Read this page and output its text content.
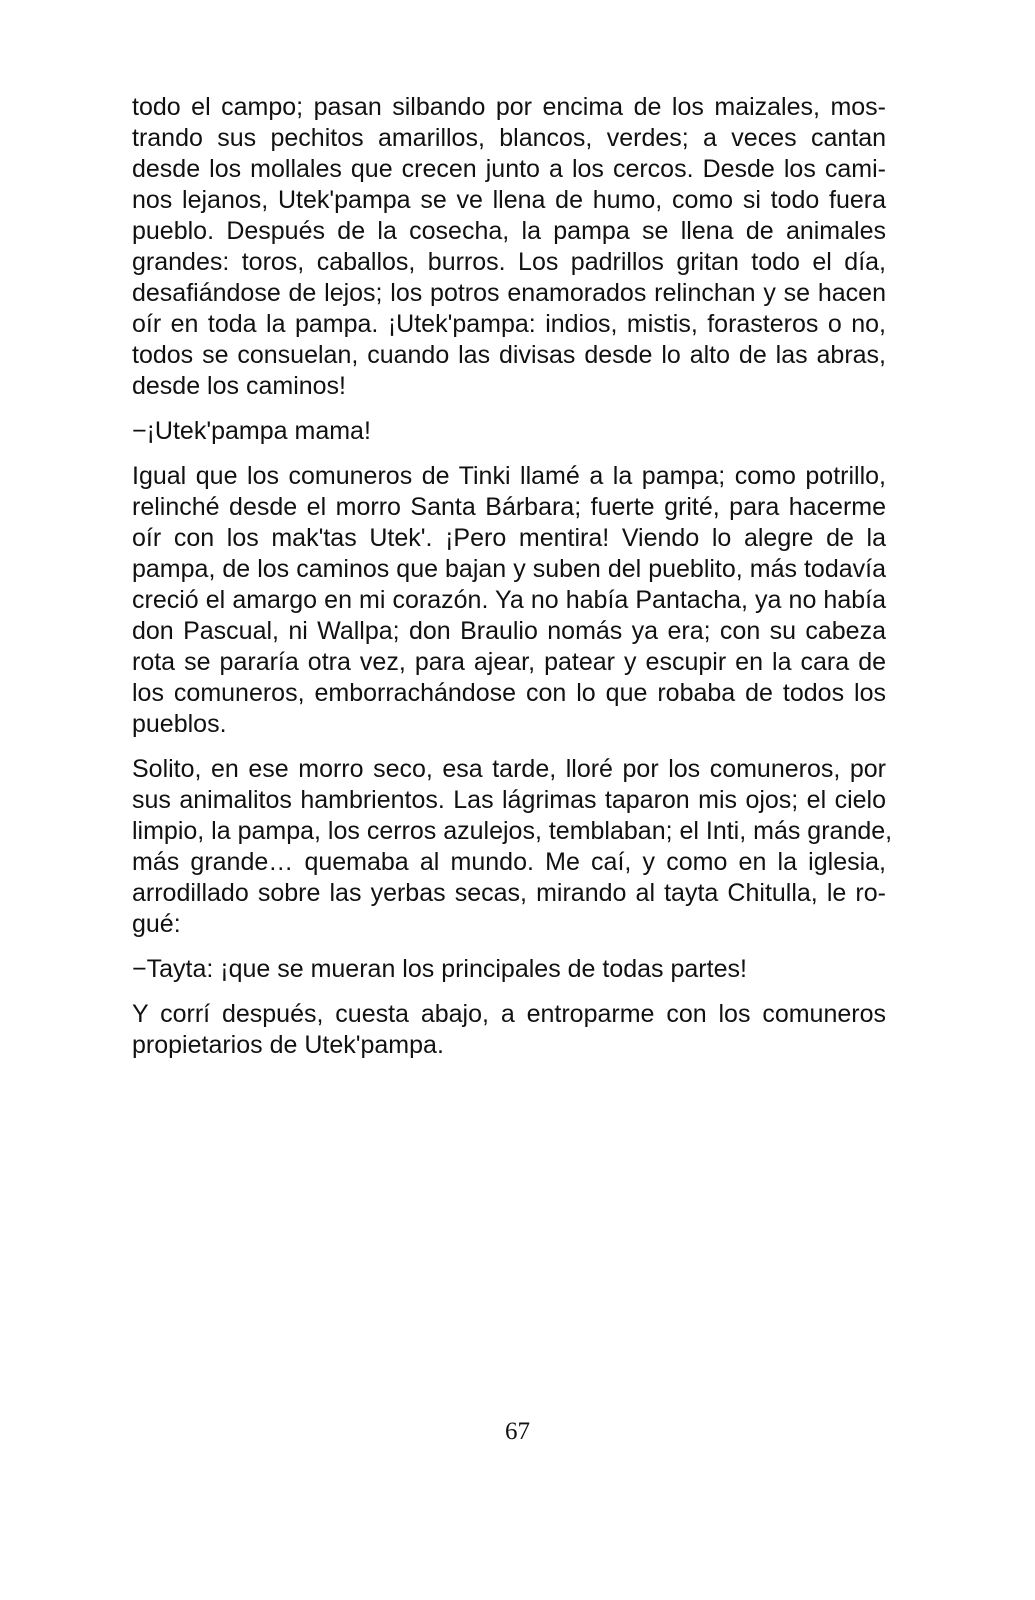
todo el campo; pasan silbando por encima de los maizales, mos-
trando sus pechitos amarillos, blancos, verdes; a veces cantan
desde los mollales que crecen junto a los cercos. Desde los cami-
nos lejanos, Utek'pampa se ve llena de humo, como si todo fuera
pueblo. Después de la cosecha, la pampa se llena de animales
grandes: toros, caballos, burros. Los padrillos gritan todo el día,
desafiándose de lejos; los potros enamorados relinchan y se hacen
oír en toda la pampa. ¡Utek'pampa: indios, mistis, forasteros o no,
todos se consuelan, cuando las divisas desde lo alto de las abras,
desde los caminos!

−¡Utek'pampa mama!

Igual que los comuneros de Tinki llamé a la pampa; como potrillo,
relinché desde el morro Santa Bárbara; fuerte grité, para hacerme
oír con los mak'tas Utek'. ¡Pero mentira! Viendo lo alegre de la
pampa, de los caminos que bajan y suben del pueblito, más todavía
creció el amargo en mi corazón. Ya no había Pantacha, ya no había
don Pascual, ni Wallpa; don Braulio nomás ya era; con su cabeza
rota se pararía otra vez, para ajear, patear y escupir en la cara de
los comuneros, emborrachándose con lo que robaba de todos los
pueblos.

Solito, en ese morro seco, esa tarde, lloré por los comuneros, por
sus animalitos hambrientos. Las lágrimas taparon mis ojos; el cielo
limpio, la pampa, los cerros azulejos, temblaban; el Inti, más grande,
más grande… quemaba al mundo. Me caí, y como en la iglesia,
arrodillado sobre las yerbas secas, mirando al tayta Chitulla, le ro-
gué:

−Tayta: ¡que se mueran los principales de todas partes!

Y corrí después, cuesta abajo, a entroparme con los comuneros
propietarios de Utek'pampa.

67
